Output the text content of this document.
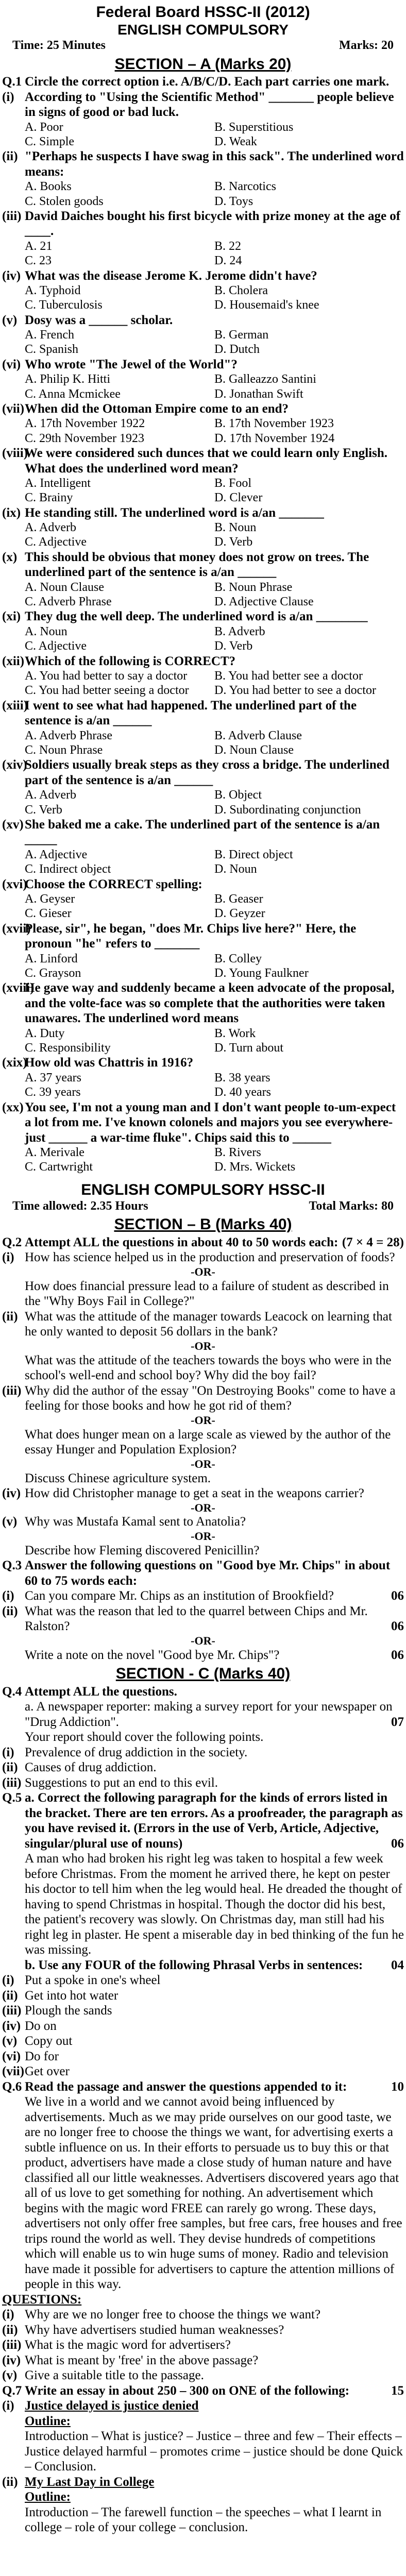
Federal Board HSSC-II (2012)
ENGLISH COMPULSORY
Time: 25 Minutes	Marks: 20
SECTION – A (Marks 20)
Q.1 Circle the correct option i.e. A/B/C/D. Each part carries one mark.
(i) According to "Using the Scientific Method" _______ people believe in signs of good or bad luck.
A. Poor	B. Superstitious
C. Simple	D. Weak
(ii) "Perhaps he suspects I have swag in this sack". The underlined word means:
A. Books	B. Narcotics
C. Stolen goods	D. Toys
(iii) David Daiches bought his first bicycle with prize money at the age of ____.
A. 21	B. 22
C. 23	D. 24
(iv) What was the disease Jerome K. Jerome didn't have?
A. Typhoid	B. Cholera
C. Tuberculosis	D. Housemaid's knee
(v) Dosy was a ______ scholar.
A. French	B. German
C. Spanish	D. Dutch
(vi) Who wrote "The Jewel of the World"?
A. Philip K. Hitti	B. Galleazzo Santini
C. Anna Mcmickee	D. Jonathan Swift
(vii) When did the Ottoman Empire come to an end?
A. 17th November 1922	B. 17th November 1923
C. 29th November 1923	D. 17th November 1924
(viii)
We were considered such dunces that we could learn only English. What does the underlined word mean?
A. Intelligent	B. Fool
C. Brainy	D. Clever
(ix) He standing still. The underlined word is a/an _______
A. Adverb	B. Noun
C. Adjective	D. Verb
(x) This should be obvious that money does not grow on trees. The underlined part of the sentence is a/an ______
A. Noun Clause	B. Noun Phrase
C. Adverb Phrase	D. Adjective Clause
(xi) They dug the well deep. The underlined word is a/an ________
A. Noun	B. Adverb
C. Adjective	D. Verb
(xii) Which of the following is CORRECT?
A. You had better to say a doctor	B. You had better see a doctor
C. You had better seeing a doctor	D. You had better to see a doctor
(xiii)
I went to see what had happened. The underlined part of the sentence is a/an ______
A. Adverb Phrase	B. Adverb Clause
C. Noun Phrase	D. Noun Clause
(xiv)
Soldiers usually break steps as they cross a bridge. The underlined part of the sentence is a/an ______
A. Adverb	B. Object
C. Verb	D. Subordinating conjunction
(xv) She baked me a cake. The underlined part of the sentence is a/an _____
A. Adjective	B. Direct object
C. Indirect object	D. Noun
(xvi)
Choose the CORRECT spelling:
A. Geyser	B. Geaser
C. Gieser	D. Geyzer
(xvii)
Please, sir", he began, "does Mr. Chips live here?" Here, the pronoun "he" refers to _______
A. Linford	B. Colley
C. Grayson	D. Young Faulkner
(xviii)
He gave way and suddenly became a keen advocate of the proposal, and the volte-face was so complete that the authorities were taken unawares. The underlined word means
A. Duty	B. Work
C. Responsibility	D. Turn about
(xix)
How old was Chattris in 1916?
A. 37 years	B. 38 years
C. 39 years	D. 40 years
(xx) You see, I'm not a young man and I don't want people to-um-expect a lot from me. I've known colonels and majors you see everywhere- just ______ a war-time fluke". Chips said this to ______
A. Merivale	B. Rivers
C. Cartwright	D. Mrs. Wickets
ENGLISH COMPULSORY HSSC-II
Time allowed: 2.35 Hours	Total Marks: 80
SECTION – B (Marks 40)
Q.2 Attempt ALL the questions in about 40 to 50 words each: (7 × 4 = 28)
(i) How has science helped us in the production and preservation of foods?
-OR-
How does financial pressure lead to a failure of student as described in the "Why Boys Fail in College?"
(ii) What was the attitude of the manager towards Leacock on learning that he only wanted to deposit 56 dollars in the bank?
-OR-
What was the attitude of the teachers towards the boys who were in the school's well-end and school boy? Why did the boy fail?
(iii) Why did the author of the essay "On Destroying Books" come to have a feeling for those books and how he got rid of them?
-OR-
What does hunger mean on a large scale as viewed by the author of the essay Hunger and Population Explosion?
-OR-
Discuss Chinese agriculture system.
(iv) How did Christopher manage to get a seat in the weapons carrier?
-OR-
(v) Why was Mustafa Kamal sent to Anatolia?
-OR-
Describe how Fleming discovered Penicillin?
Q.3 Answer the following questions on "Good bye Mr. Chips" in about 60 to 75 words each:
(i) Can you compare Mr. Chips as an institution of Brookfield?	06
(ii) What was the reason that led to the quarrel between Chips and Mr. Ralston?	06
-OR-
Write a note on the novel "Good bye Mr. Chips"?	06
SECTION - C (Marks 40)
Q.4 Attempt ALL the questions.
a. A newspaper reporter: making a survey report for your newspaper on "Drug Addiction".	07
Your report should cover the following points.
(i) Prevalence of drug addiction in the society.
(ii) Causes of drug addiction.
(iii) Suggestions to put an end to this evil.
Q.5 a. Correct the following paragraph for the kinds of errors listed in the bracket. There are ten errors. As a proofreader, the paragraph as you have revised it. (Errors in the use of Verb, Article, Adjective, singular/plural use of nouns)	06
A man who had broken his right leg was taken to hospital a few week before Christmas. From the moment he arrived there, he kept on pester his doctor to tell him when the leg would heal. He dreaded the thought of having to spend Christmas in hospital. Though the doctor did his best, the patient's recovery was slowly. On Christmas day, man still had his right leg in plaster. He spent a miserable day in bed thinking of the fun he was missing.
b. Use any FOUR of the following Phrasal Verbs in sentences: 04
(i) Put a spoke in one's wheel
(ii) Get into hot water
(iii) Plough the sands
(iv) Do on
(v) Copy out
(vi) Do for
(vii) Get over
Q.6 Read the passage and answer the questions appended to it:	10
We live in a world and we cannot avoid being influenced by advertisements. Much as we may pride ourselves on our good taste, we are no longer free to choose the things we want, for advertising exerts a subtle influence on us. In their efforts to persuade us to buy this or that product, advertisers have made a close study of human nature and have classified all our little weaknesses. Advertisers discovered years ago that all of us love to get something for nothing. An advertisement which begins with the magic word FREE can rarely go wrong. These days, advertisers not only offer free samples, but free cars, free houses and free trips round the world as well. They devise hundreds of competitions which will enable us to win huge sums of money. Radio and television have made it possible for advertisers to capture the attention millions of people in this way.
QUESTIONS:
(i) Why are we no longer free to choose the things we want?
(ii) Why have advertisers studied human weaknesses?
(iii) What is the magic word for advertisers?
(iv) What is meant by 'free' in the above passage?
(v) Give a suitable title to the passage.
Q.7 Write an essay in about 250 – 300 on ONE of the following:	15
(i) Justice delayed is justice denied
Outline:
Introduction – What is justice? – Justice – three and few – Their effects – Justice delayed harmful – promotes crime – justice should be done Quick – Conclusion.
(ii) My Last Day in College
Outline:
Introduction – The farewell function – the speeches – what I learnt in college – role of your college – conclusion.
